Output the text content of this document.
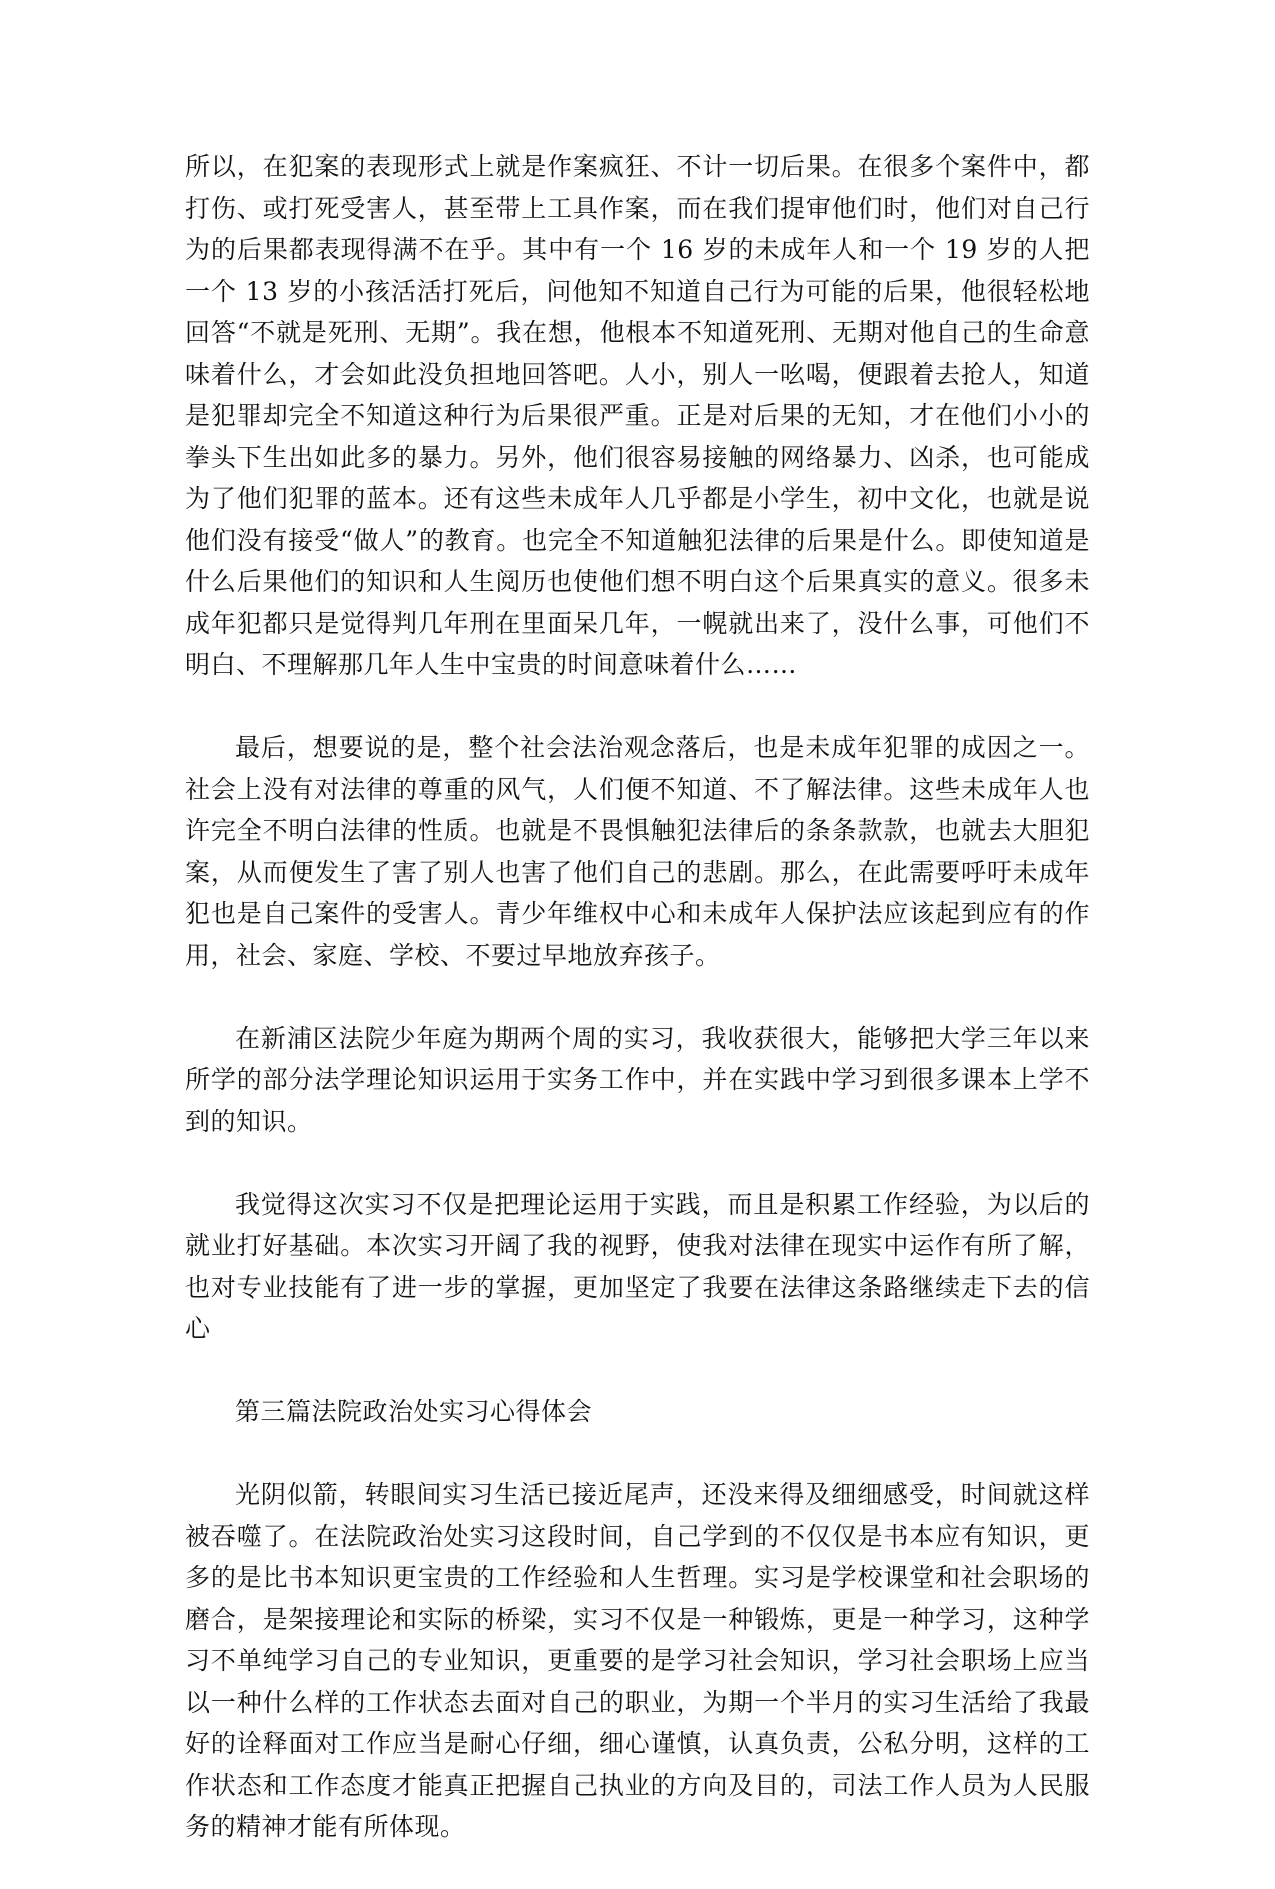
所以，在犯案的表现形式上就是作案疯狂、不计一切后果。在很多个案件中，都打伤、或打死受害人，甚至带上工具作案，而在我们提审他们时，他们对自己行为的后果都表现得满不在乎。其中有一个 16 岁的未成年人和一个 19 岁的人把一个 13 岁的小孩活活打死后，问他知不知道自己行为可能的后果，他很轻松地回答“不就是死刑、无期”。我在想，他根本不知道死刑、无期对他自己的生命意味着什么，才会如此没负担地回答吧。人小，别人一吆喝，便跟着去抢人，知道是犯罪却完全不知道这种行为后果很严重。正是对后果的无知，才在他们小小的拳头下生出如此多的暴力。另外，他们很容易接触的网络暴力、凶杀，也可能成为了他们犯罪的蓝本。还有这些未成年人几乎都是小学生，初中文化，也就是说他们没有接受“做人”的教育。也完全不知道触犯法律的后果是什么。即使知道是什么后果他们的知识和人生阅历也使他们想不明白这个后果真实的意义。很多未成年犯都只是觉得判几年刑在里面呆几年，一幌就出来了，没什么事，可他们不明白、不理解那几年人生中宝贵的时间意味着什么……

最后，想要说的是，整个社会法治观念落后，也是未成年犯罪的成因之一。社会上没有对法律的尊重的风气，人们便不知道、不了解法律。这些未成年人也许完全不明白法律的性质。也就是不畏惧触犯法律后的条条款款，也就去大胆犯案，从而便发生了害了别人也害了他们自己的悲剧。那么，在此需要呼吁未成年犯也是自己案件的受害人。青少年维权中心和未成年人保护法应该起到应有的作用，社会、家庭、学校、不要过早地放弃孩子。

在新浦区法院少年庭为期两个周的实习，我收获很大，能够把大学三年以来所学的部分法学理论知识运用于实务工作中，并在实践中学习到很多课本上学不到的知识。

我觉得这次实习不仅是把理论运用于实践，而且是积累工作经验，为以后的就业打好基础。本次实习开阔了我的视野，使我对法律在现实中运作有所了解，也对专业技能有了进一步的掌握，更加坚定了我要在法律这条路继续走下去的信心

第三篇法院政治处实习心得体会

光阴似箭，转眼间实习生活已接近尾声，还没来得及细细感受，时间就这样被吞噬了。在法院政治处实习这段时间，自己学到的不仅仅是书本应有知识，更多的是比书本知识更宝贵的工作经验和人生哲理。实习是学校课堂和社会职场的磨合，是架接理论和实际的桥梁，实习不仅是一种锻炼，更是一种学习，这种学习不单纯学习自己的专业知识，更重要的是学习社会知识，学习社会职场上应当以一种什么样的工作状态去面对自己的职业，为期一个半月的实习生活给了我最好的诠释面对工作应当是耐心仔细，细心谨慎，认真负责，公私分明，这样的工作状态和工作态度才能真正把握自己执业的方向及目的，司法工作人员为人民服务的精神才能有所体现。
